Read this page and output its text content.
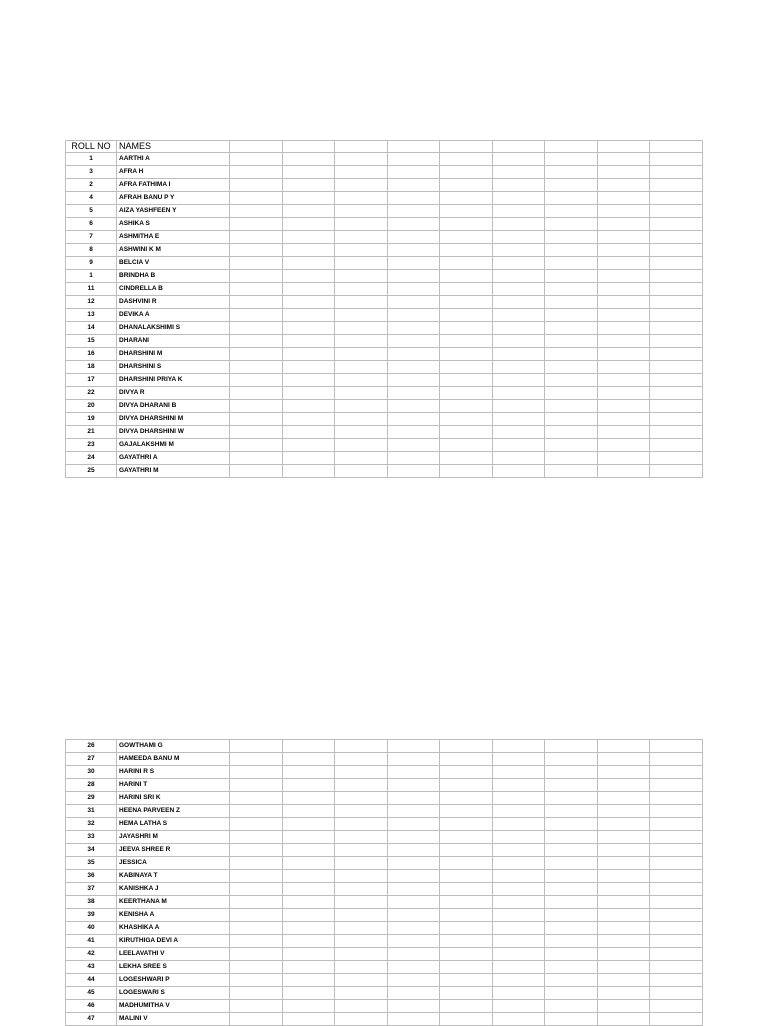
ROLL NO	NAMES									
1	AARTHI A									
3	AFRA H									
2	AFRA FATHIMA I									
4	AFRAH BANU P Y									
5	AIZA YASHFEEN Y									
6	ASHIKA S									
7	ASHMITHA E									
8	ASHWINI K M									
9	BELCIA V									
1	BRINDHA B									
11	CINDRELLA B									
12	DASHVINI R									
13	DEVIKA A									
14	DHANALAKSHIMI S									
15	DHARANI									
16	DHARSHINI M									
18	DHARSHINI S									
17	DHARSHINI PRIYA K									
22	DIVYA R									
20	DIVYA DHARANI B									
19	DIVYA DHARSHINI M									
21	DIVYA DHARSHINI W									
23	GAJALAKSHMI M									
24	GAYATHRI A									
25	GAYATHRI M									
26	GOWTHAMI G									
27	HAMEEDA BANU M									
30	HARINI R S									
28	HARINI T									
29	HARINI SRI K									
31	HEENA PARVEEN Z									
32	HEMA LATHA S									
33	JAYASHRI M									
34	JEEVA SHREE R									
35	JESSICA									
36	KABINAYA T									
37	KANISHKA J									
38	KEERTHANA M									
39	KENISHA A									
40	KHASHIKA A									
41	KIRUTHIGA DEVI A									
42	LEELAVATHI V									
43	LEKHA SREE S									
44	LOGESHWARI P									
45	LOGESWARI S									
46	MADHUMITHA V									
47	MALINI V									
